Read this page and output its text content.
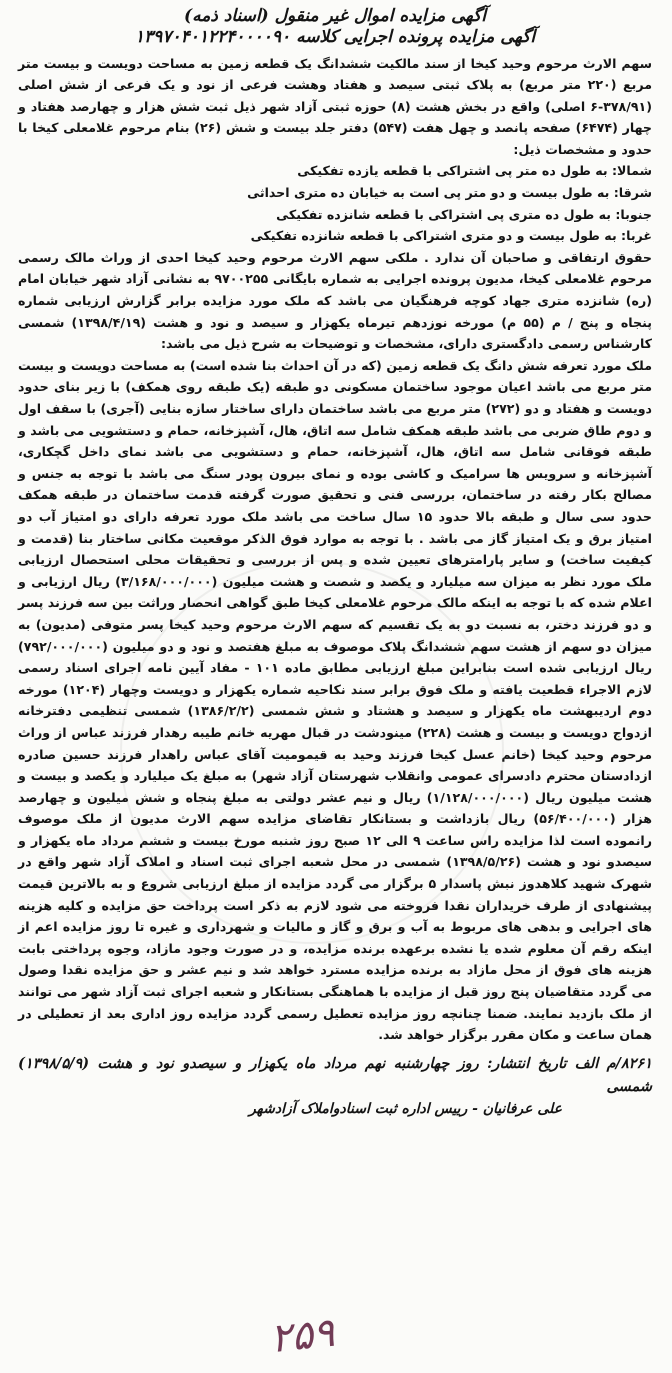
آگهی مزایده اموال غیر منقول (اسناد ذمه)
آگهی مزایده پرونده اجرایی کلاسه ۱۳۹۷۰۴۰۱۲۲۴۰۰۰۰۹۰

سهم الارث مرحوم وحید کیخا از سند مالکیت ششدانگ یک قطعه زمین به مساحت دویست و بیست متر مربع (۲۲۰ متر مربع) به پلاک ثبتی سیصد و هفتاد وهشت فرعی از نود و یک فرعی از شش اصلی (۳۷۸/۹۱-۶ اصلی) واقع در بخش هشت (۸) حوزه ثبتی آزاد شهر ذیل ثبت شش هزار و چهارصد هفتاد و چهار (۶۴۷۴) صفحه پانصد و چهل هفت (۵۴۷) دفتر جلد بیست و شش (۲۶) بنام مرحوم غلامعلی کیخا با حدود و مشخصات ذیل:

شمالا: به طول ده متر پی اشتراکی با قطعه یازده تفکیکی

شرقا: به طول بیست و دو متر پی است به خیابان ده متری احداثی

جنوبا: به طول ده متری پی اشتراکی با قطعه شانزده تفکیکی

غربا: به طول بیست و دو متری اشتراکی با قطعه شانزده تفکیکی

حقوق ارتفاقی و صاحبان آن ندارد . ملکی سهم الارث مرحوم وحید کیخا احدی از وراث مالک رسمی مرحوم غلامعلی کیخا، مدیون پرونده اجرایی به شماره بایگانی ۹۷۰۰۲۵۵ به نشانی آزاد شهر خیابان امام (ره) شانزده متری جهاد کوچه فرهنگیان می باشد که ملک مورد مزایده برابر گزارش ارزیابی شماره پنجاه و پنج / م (۵۵ م) مورخه نوزدهم تیرماه یکهزار و سیصد و نود و هشت (۱۳۹۸/۴/۱۹) شمسی کارشناس رسمی دادگستری دارای، مشخصات و توضیحات به شرح ذیل می باشد:

ملک مورد تعرفه شش دانگ یک قطعه زمین (که در آن احداث بنا شده است) به مساحت دویست و بیست متر مربع می باشد اعیان موجود ساختمان مسکونی دو طبقه (یک طبقه روی همکف) با زیر بنای حدود دویست و هفتاد و دو (۲۷۲) متر مربع می باشد ساختمان دارای ساختار سازه بنایی (آجری) با سقف اول و دوم طاق ضربی می باشد طبقه همکف شامل سه اتاق، هال، آشپزخانه، حمام و دستشویی می باشد و طبقه فوقانی شامل سه اتاق، هال، آشپزخانه، حمام و دستشویی می باشد نمای داخل گچکاری، آشپزخانه و سرویس ها سرامیک و کاشی بوده و نمای بیرون پودر سنگ می باشد با توجه به جنس و مصالح بکار رفته در ساختمان، بررسی فنی و تحقیق صورت گرفته قدمت ساختمان در طبقه همکف حدود سی سال و طبقه بالا حدود ۱۵ سال ساخت می باشد ملک مورد تعرفه دارای دو امتیاز آب دو امتیاز برق و یک امتیاز گاز می باشد . با توجه به موارد فوق الذکر موقعیت مکانی ساختار بنا (قدمت و کیفیت ساخت) و سایر پارامترهای تعیین شده و پس از بررسی و تحقیقات محلی استحصال ارزیابی ملک مورد نظر به میزان سه میلیارد و یکصد و شصت و هشت میلیون (۳/۱۶۸/۰۰۰/۰۰۰) ریال ارزیابی و اعلام شده که با توجه به اینکه مالک مرحوم غلامعلی کیخا طبق گواهی انحصار وراثت بین سه فرزند پسر و دو فرزند دختر، به نسبت دو به یک تقسیم که سهم الارث مرحوم وحید کیخا پسر متوفی (مدیون) به میزان دو سهم از هشت سهم ششدانگ پلاک موصوف به مبلغ هفتصد و نود و دو میلیون (۷۹۲/۰۰۰/۰۰۰) ریال ارزیابی شده است بنابراین مبلغ ارزیابی مطابق ماده ۱۰۱ - مفاد آیین نامه اجرای اسناد رسمی لازم الاجراء قطعیت یافته و ملک فوق برابر سند نکاحیه شماره یکهزار و دویست وچهار (۱۲۰۴) مورخه دوم اردیبهشت ماه یکهزار و سیصد و هشتاد و شش شمسی (۱۳۸۶/۲/۲) شمسی تنظیمی دفترخانه ازدواج دویست و بیست و هشت (۲۲۸) مینودشت در قبال مهریه خانم طیبه رهدار فرزند عباس از وراث مرحوم وحید کیخا (خانم عسل کیخا فرزند وحید به قیمومیت آقای عباس راهدار فرزند حسین صادره ازدادستان محترم دادسرای عمومی وانقلاب شهرستان آزاد شهر) به مبلغ یک میلیارد و یکصد و بیست و هشت میلیون ریال (۱/۱۲۸/۰۰۰/۰۰۰) ریال و نیم عشر دولتی به مبلغ پنجاه و شش میلیون و چهارصد هزار (۵۶/۴۰۰/۰۰۰) ریال بازداشت و بستانکار تقاضای مزایده سهم الارث مدیون از ملک موصوف رانموده است لذا مزایده راس ساعت ۹ الی ۱۲ صبح روز شنبه مورخ بیست و ششم مرداد ماه یکهزار و سیصدو نود و هشت (۱۳۹۸/۵/۲۶) شمسی در محل شعبه اجرای ثبت اسناد و املاک آزاد شهر واقع در شهرک شهید کلاهدوز نبش پاسدار ۵ برگزار می گردد مزایده از مبلغ ارزیابی شروع و به بالاترین قیمت پیشنهادی از طرف خریداران نقدا فروخته می شود لازم به ذکر است پرداخت حق مزایده و کلیه هزینه های اجرایی و بدهی های مربوط به آب و برق و گاز و مالیات و شهرداری و غیره تا روز مزایده اعم از اینکه رقم آن معلوم شده یا نشده برعهده برنده مزایده، و در صورت وجود مازاد، وجوه پرداختی بابت هزینه های فوق از محل مازاد به برنده مزایده مسترد خواهد شد و نیم عشر و حق مزایده نقدا وصول می گردد متقاضیان پنج روز قبل از مزایده با هماهنگی بستانکار و شعبه اجرای ثبت آزاد شهر می توانند از ملک بازدید نمایند. ضمنا چنانچه روز مزایده تعطیل رسمی گردد مزایده روز اداری بعد از تعطیلی در همان ساعت و مکان مقرر برگزار خواهد شد.

۸۲۶۱/م الف تاریخ انتشار: روز چهارشنبه نهم مرداد ماه یکهزار و سیصدو نود و هشت (۱۳۹۸/۵/۹) شمسی
علی عرفانیان - رییس اداره ثبت اسنادواملاک آزادشهر
۲۵۹
